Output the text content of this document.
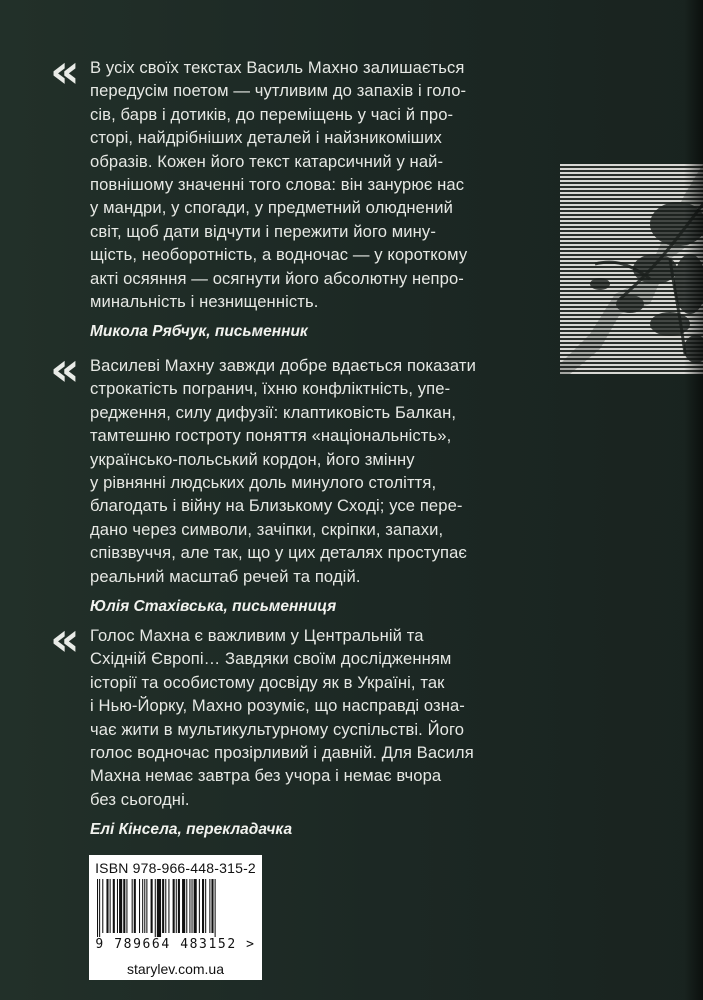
« В усіх своїх текстах Василь Махно залишається
передусім поетом — чутливим до запахів і голо-
сів, барв і дотиків, до переміщень у часі й про-
сторі, найдрібніших деталей і найзникоміших
образів. Кожен його текст катарсичний у най-
повнішому значенні того слова: він занурює нас
у мандри, у спогади, у предметний олюднений
світ, щоб дати відчути і пережити його мину-
щість, необоротність, а водночас — у короткому
акті осяяння — осягнути його абсолютну непро-
минальність і незнищенність.

Микола Рябчук, письменник
« Василеві Махну завжди добре вдається показати
строкатість погранич, їхню конфліктність, упе-
редження, силу дифузії: клаптиковість Балкан,
тамтешню гостроту поняття «національність»,
українсько-польський кордон, його змінну
у рівнянні людських доль минулого століття,
благодать і війну на Близькому Сході; усе пере-
дано через символи, зачіпки, скріпки, запахи,
співзвуччя, але так, що у цих деталях проступає
реальний масштаб речей та подій.

Юлія Стахівська, письменниця
« Голос Махна є важливим у Центральній та
Східній Європі… Завдяки своїм дослідженням
історії та особистому досвіду як в Україні, так
і Нью-Йорку, Махно розуміє, що насправді озна-
чає жити в мультикультурному суспільстві. Його
голос водночас прозірливий і давній. Для Василя
Махна немає завтра без учора і немає вчора
без сьогодні.

Елі Кінсела, перекладачка
ISBN 978-966-448-315-2
9 789664 483152 >
starylev.com.ua
